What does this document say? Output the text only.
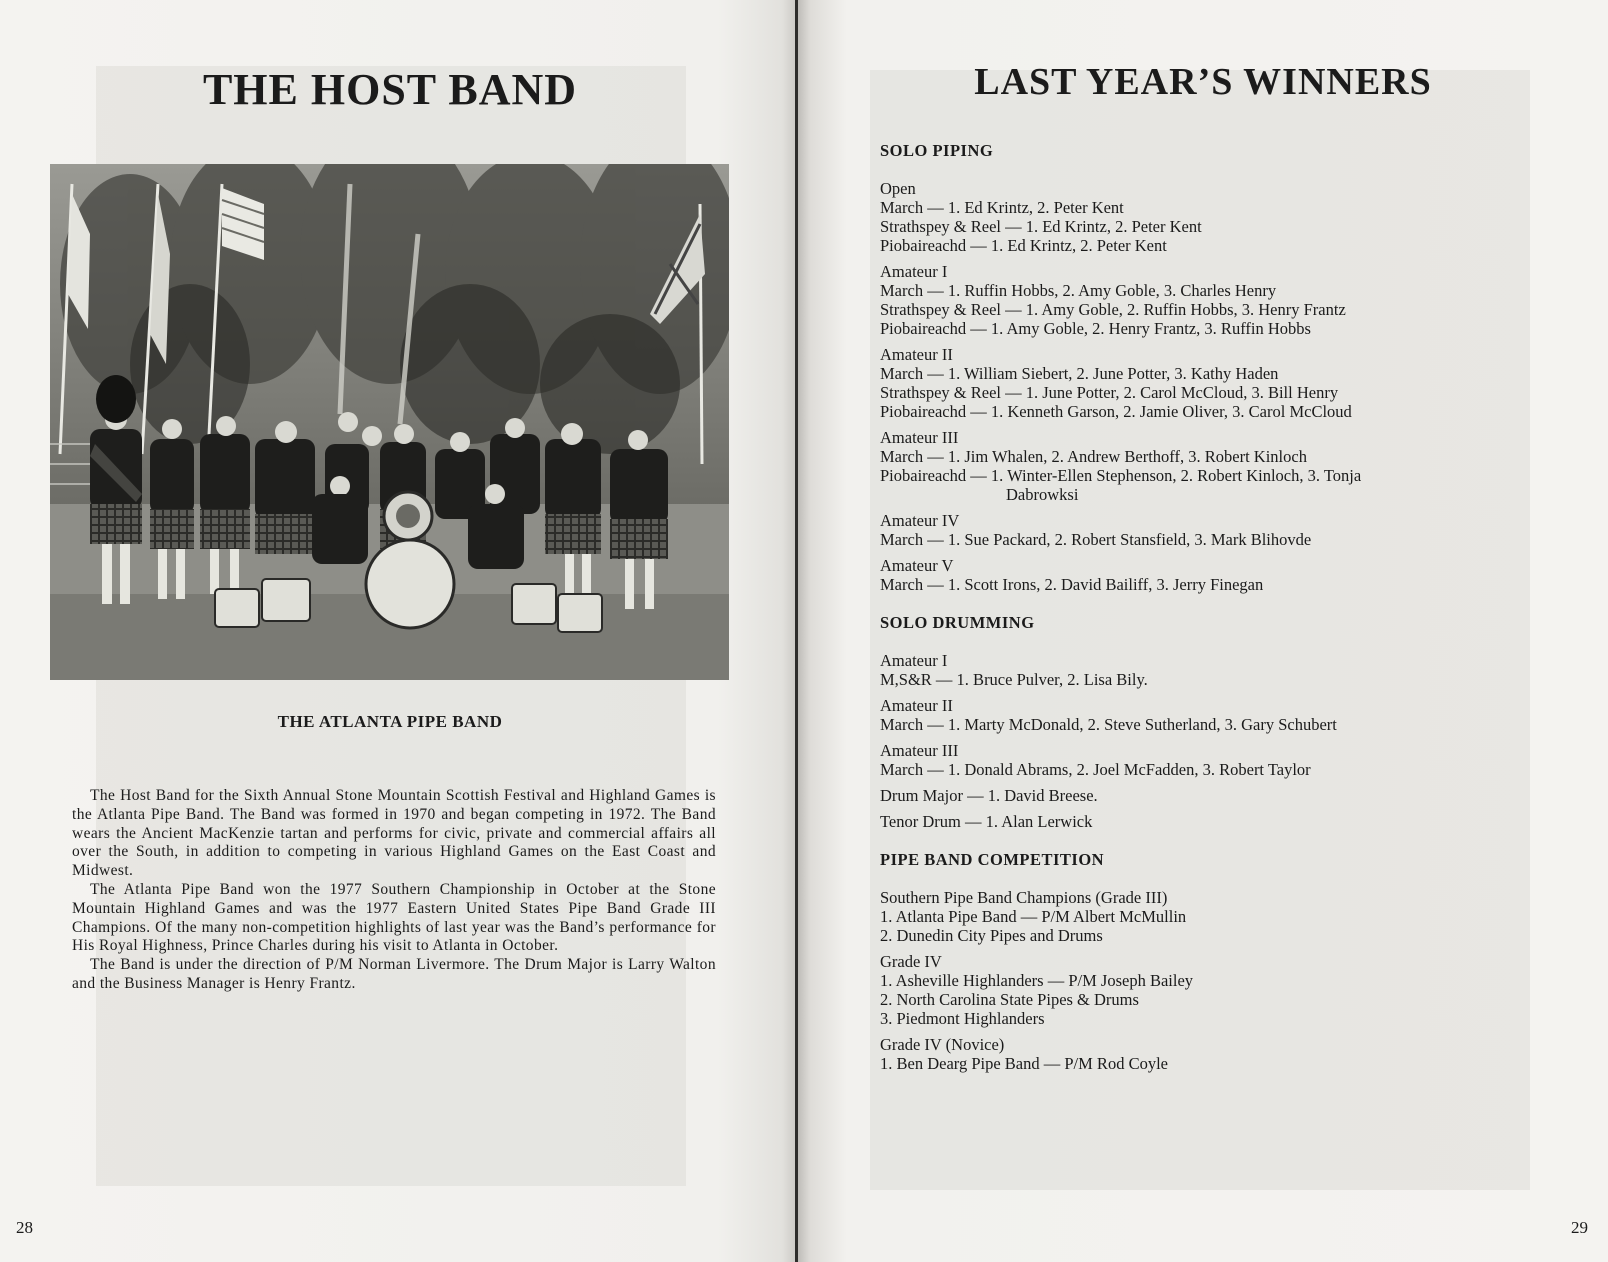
THE HOST BAND
THE ATLANTA PIPE BAND

The Host Band for the Sixth Annual Stone Mountain Scottish Festival and Highland Games is the Atlanta Pipe Band. The Band was formed in 1970 and began competing in 1972. The Band wears the Ancient MacKenzie tartan and performs for civic, private and commercial affairs all over the South, in addition to competing in various Highland Games on the East Coast and Midwest.

The Atlanta Pipe Band won the 1977 Southern Championship in October at the Stone Mountain Highland Games and was the 1977 Eastern United States Pipe Band Grade III Champions. Of the many non-competition highlights of last year was the Band’s performance for His Royal Highness, Prince Charles during his visit to Atlanta in October.

The Band is under the direction of P/M Norman Livermore. The Drum Major is Larry Walton and the Business Manager is Henry Frantz.

28
LAST YEAR’S WINNERS
SOLO PIPING
Open
March — 1. Ed Krintz, 2. Peter Kent
Strathspey & Reel — 1. Ed Krintz, 2. Peter Kent
Piobaireachd — 1. Ed Krintz, 2. Peter Kent
Amateur I
March — 1. Ruffin Hobbs, 2. Amy Goble, 3. Charles Henry
Strathspey & Reel — 1. Amy Goble, 2. Ruffin Hobbs, 3. Henry Frantz
Piobaireachd — 1. Amy Goble, 2. Henry Frantz, 3. Ruffin Hobbs
Amateur II
March — 1. William Siebert, 2. June Potter, 3. Kathy Haden
Strathspey & Reel — 1. June Potter, 2. Carol McCloud, 3. Bill Henry
Piobaireachd — 1. Kenneth Garson, 2. Jamie Oliver, 3. Carol McCloud
Amateur III
March — 1. Jim Whalen, 2. Andrew Berthoff, 3. Robert Kinloch
Piobaireachd — 1. Winter-Ellen Stephenson, 2. Robert Kinloch, 3. Tonja
Dabrowksi
Amateur IV
March — 1. Sue Packard, 2. Robert Stansfield, 3. Mark Blihovde
Amateur V
March — 1. Scott Irons, 2. David Bailiff, 3. Jerry Finegan
SOLO DRUMMING
Amateur I
M,S&R — 1. Bruce Pulver, 2. Lisa Bily.
Amateur II
March — 1. Marty McDonald, 2. Steve Sutherland, 3. Gary Schubert
Amateur III
March — 1. Donald Abrams, 2. Joel McFadden, 3. Robert Taylor
Drum Major — 1. David Breese.
Tenor Drum — 1. Alan Lerwick
PIPE BAND COMPETITION
Southern Pipe Band Champions (Grade III)
1. Atlanta Pipe Band — P/M Albert McMullin
2. Dunedin City Pipes and Drums
Grade IV
1. Asheville Highlanders — P/M Joseph Bailey
2. North Carolina State Pipes & Drums
3. Piedmont Highlanders
Grade IV (Novice)
1. Ben Dearg Pipe Band — P/M Rod Coyle
29
